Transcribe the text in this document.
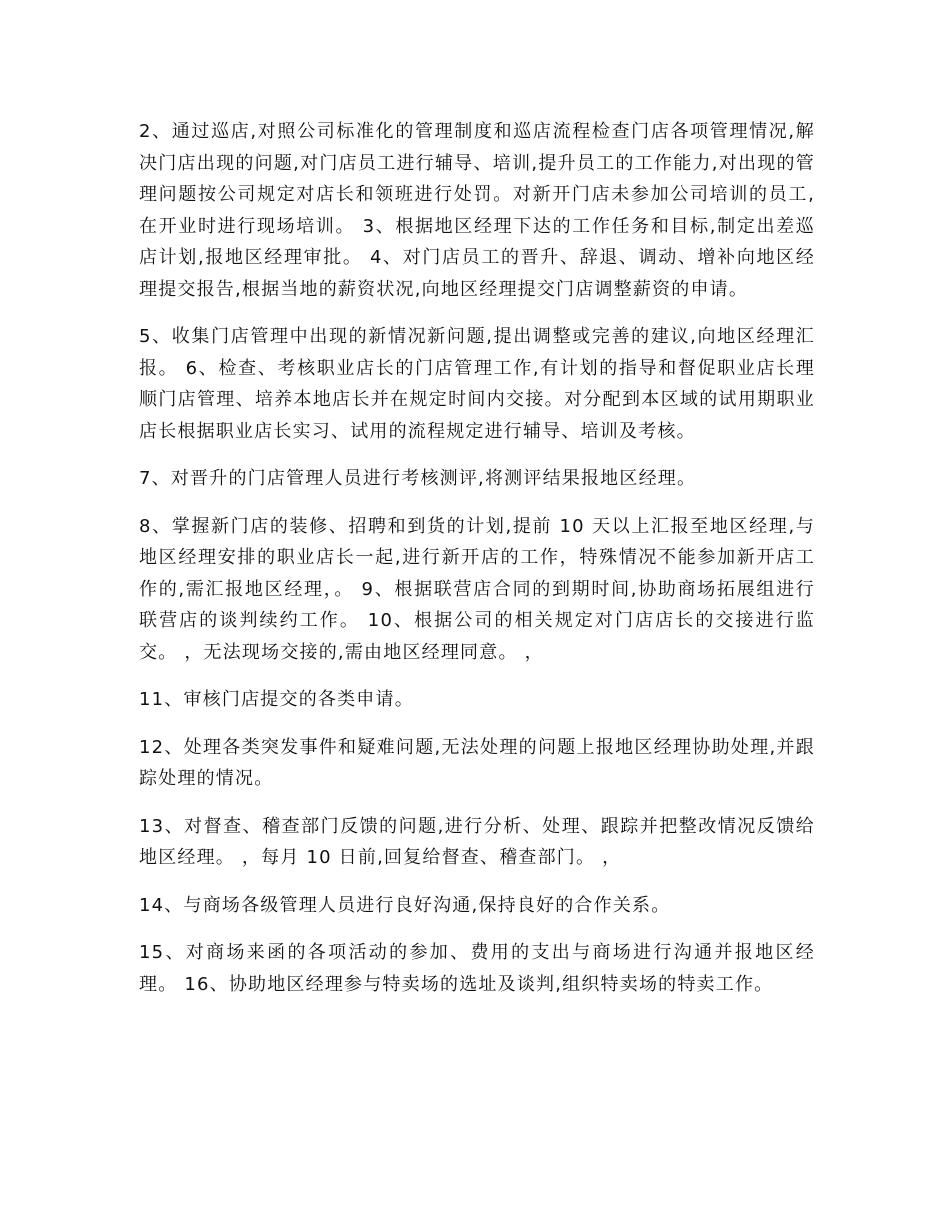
2、通过巡店,对照公司标准化的管理制度和巡店流程检查门店各项管理情况,解决门店出现的问题,对门店员工进行辅导、培训,提升员工的工作能力,对出现的管理问题按公司规定对店长和领班进行处罚。对新开门店未参加公司培训的员工,在开业时进行现场培训。 3、根据地区经理下达的工作任务和目标,制定出差巡店计划,报地区经理审批。 4、对门店员工的晋升、辞退、调动、增补向地区经理提交报告,根据当地的薪资状况,向地区经理提交门店调整薪资的申请。

5、收集门店管理中出现的新情况新问题,提出调整或完善的建议,向地区经理汇报。 6、检查、考核职业店长的门店管理工作,有计划的指导和督促职业店长理顺门店管理、培养本地店长并在规定时间内交接。对分配到本区域的试用期职业店长根据职业店长实习、试用的流程规定进行辅导、培训及考核。

7、对晋升的门店管理人员进行考核测评,将测评结果报地区经理。

8、掌握新门店的装修、招聘和到货的计划,提前 10 天以上汇报至地区经理,与地区经理安排的职业店长一起,进行新开店的工作，特殊情况不能参加新开店工作的,需汇报地区经理，。 9、根据联营店合同的到期时间,协助商场拓展组进行联营店的谈判续约工作。 10、根据公司的相关规定对门店店长的交接进行监交。 ，无法现场交接的,需由地区经理同意。 ，

11、审核门店提交的各类申请。

12、处理各类突发事件和疑难问题,无法处理的问题上报地区经理协助处理,并跟踪处理的情况。

13、对督查、稽查部门反馈的问题,进行分析、处理、跟踪并把整改情况反馈给地区经理。 ，每月 10 日前,回复给督查、稽查部门。 ，

14、与商场各级管理人员进行良好沟通,保持良好的合作关系。

15、对商场来函的各项活动的参加、费用的支出与商场进行沟通并报地区经理。 16、协助地区经理参与特卖场的选址及谈判,组织特卖场的特卖工作。
